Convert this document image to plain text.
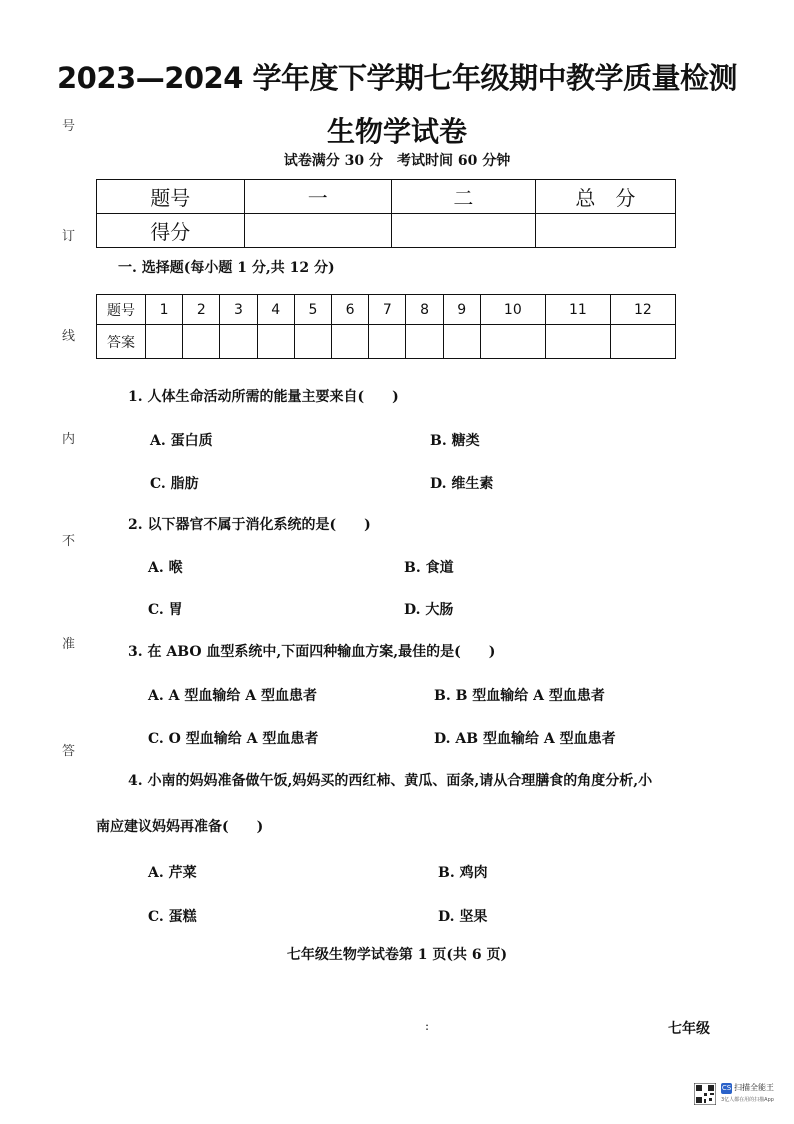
2023—2024 学年度下学期七年级期中教学质量检测
生物学试卷
试卷满分 30 分　考试时间 60 分钟
号
订
线
内
不
准
答
题号	一	二	总　分
得分			
一. 选择题(每小题 1 分,共 12 分)
题号	1	2	3	4	5	6	7	8	9	10	11	12
答案												
1. 人体生命活动所需的能量主要来自(　　)
A. 蛋白质	B. 糖类
C. 脂肪	D. 维生素
2. 以下器官不属于消化系统的是(　　)
A. 喉	B. 食道
C. 胃	D. 大肠
3. 在 ABO 血型系统中,下面四种输血方案,最佳的是(　　)
A. A 型血输给 A 型血患者	B. B 型血输给 A 型血患者
C. O 型血输给 A 型血患者	D. AB 型血输给 A 型血患者
4. 小南的妈妈准备做午饭,妈妈买的西红柿、黄瓜、面条,请从合理膳食的角度分析,小
南应建议妈妈再准备(　　)
A. 芹菜	B. 鸡肉
C. 蛋糕	D. 坚果
七年级生物学试卷第 1 页(共 6 页)
:	七年级
CS 扫描全能王
3亿人都在用的扫描App
